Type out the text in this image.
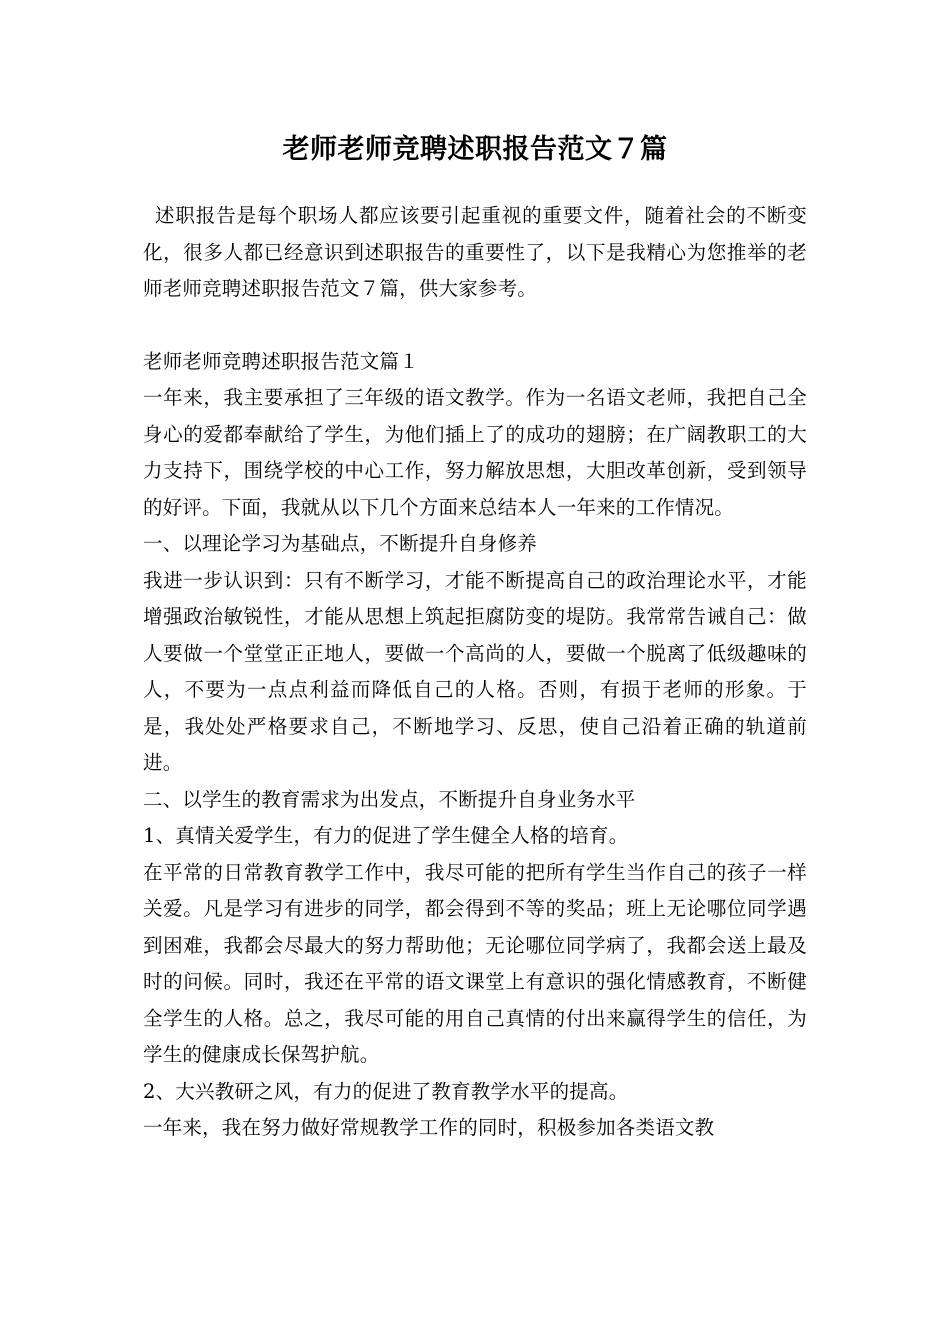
老师老师竞聘述职报告范文７篇

述职报告是每个职场人都应该要引起重视的重要文件，随着社会的不断变化，很多人都已经意识到述职报告的重要性了，以下是我精心为您推举的老师老师竞聘述职报告范文７篇，供大家参考。

老师老师竞聘述职报告范文篇１

一年来，我主要承担了三年级的语文教学。作为一名语文老师，我把自己全身心的爱都奉献给了学生，为他们插上了的成功的翅膀；在广阔教职工的大力支持下，围绕学校的中心工作，努力解放思想，大胆改革创新，受到领导的好评。下面，我就从以下几个方面来总结本人一年来的工作情况。

一、以理论学习为基础点，不断提升自身修养

我进一步认识到：只有不断学习，才能不断提高自己的政治理论水平，才能增强政治敏锐性，才能从思想上筑起拒腐防变的堤防。我常常告诫自己：做人要做一个堂堂正正地人，要做一个高尚的人，要做一个脱离了低级趣味的人，不要为一点点利益而降低自己的人格。否则，有损于老师的形象。于是，我处处严格要求自己，不断地学习、反思，使自己沿着正确的轨道前进。

二、以学生的教育需求为出发点，不断提升自身业务水平

1、真情关爱学生，有力的促进了学生健全人格的培育。

在平常的日常教育教学工作中，我尽可能的把所有学生当作自己的孩子一样关爱。凡是学习有进步的同学，都会得到不等的奖品；班上无论哪位同学遇到困难，我都会尽最大的努力帮助他；无论哪位同学病了，我都会送上最及时的问候。同时，我还在平常的语文课堂上有意识的强化情感教育，不断健全学生的人格。总之，我尽可能的用自己真情的付出来赢得学生的信任，为学生的健康成长保驾护航。

2、大兴教研之风，有力的促进了教育教学水平的提高。

一年来，我在努力做好常规教学工作的同时，积极参加各类语文教
